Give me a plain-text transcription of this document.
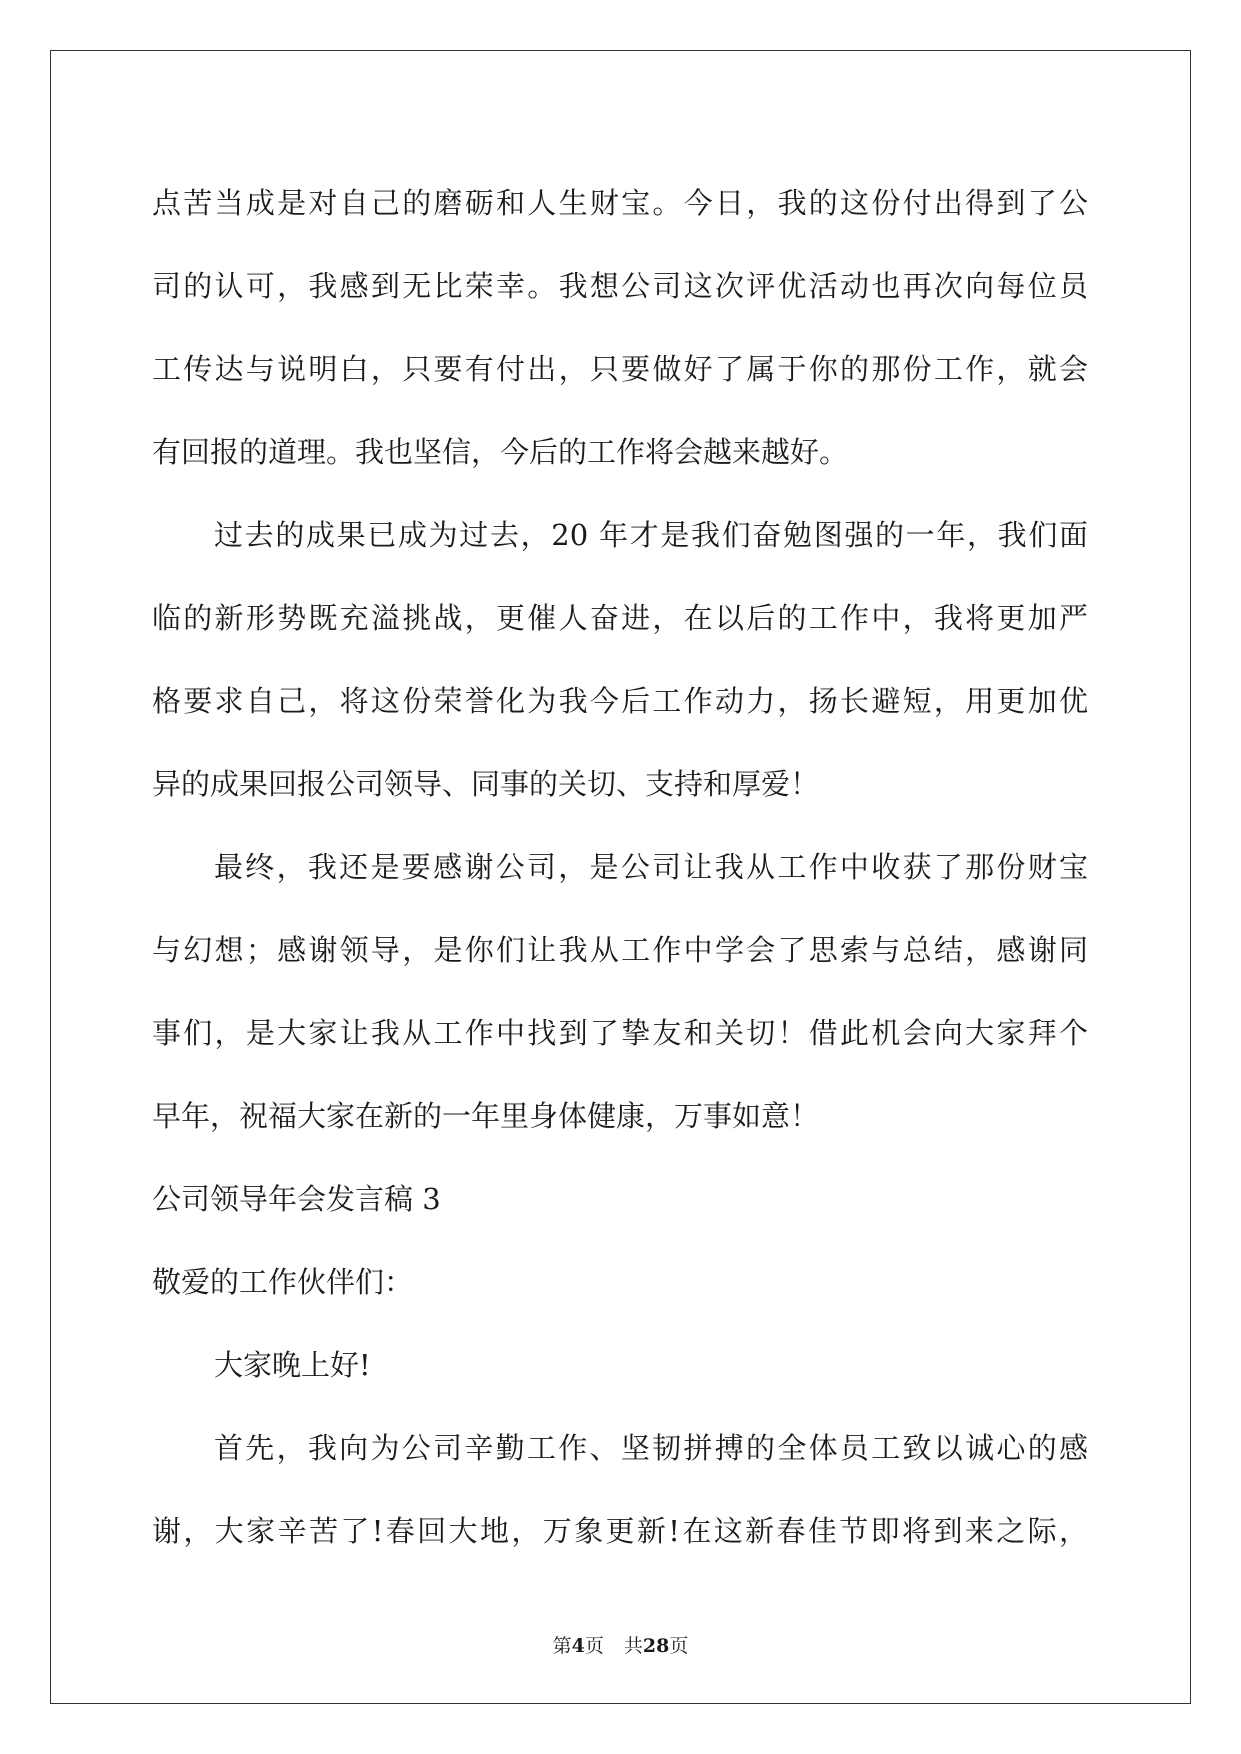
点苦当成是对自己的磨砺和人生财宝。今日，我的这份付出得到了公
司的认可，我感到无比荣幸。我想公司这次评优活动也再次向每位员
工传达与说明白，只要有付出，只要做好了属于你的那份工作，就会
有回报的道理。我也坚信，今后的工作将会越来越好。
过去的成果已成为过去，20 年才是我们奋勉图强的一年，我们面
临的新形势既充溢挑战，更催人奋进，在以后的工作中，我将更加严
格要求自己，将这份荣誉化为我今后工作动力，扬长避短，用更加优
异的成果回报公司领导、同事的关切、支持和厚爱！
最终，我还是要感谢公司，是公司让我从工作中收获了那份财宝
与幻想；感谢领导，是你们让我从工作中学会了思索与总结，感谢同
事们，是大家让我从工作中找到了挚友和关切！借此机会向大家拜个
早年，祝福大家在新的一年里身体健康，万事如意！
公司领导年会发言稿 3
敬爱的工作伙伴们：
大家晚上好!
首先，我向为公司辛勤工作、坚韧拼搏的全体员工致以诚心的感
谢，大家辛苦了!春回大地，万象更新!在这新春佳节即将到来之际，
第4页 共28页
